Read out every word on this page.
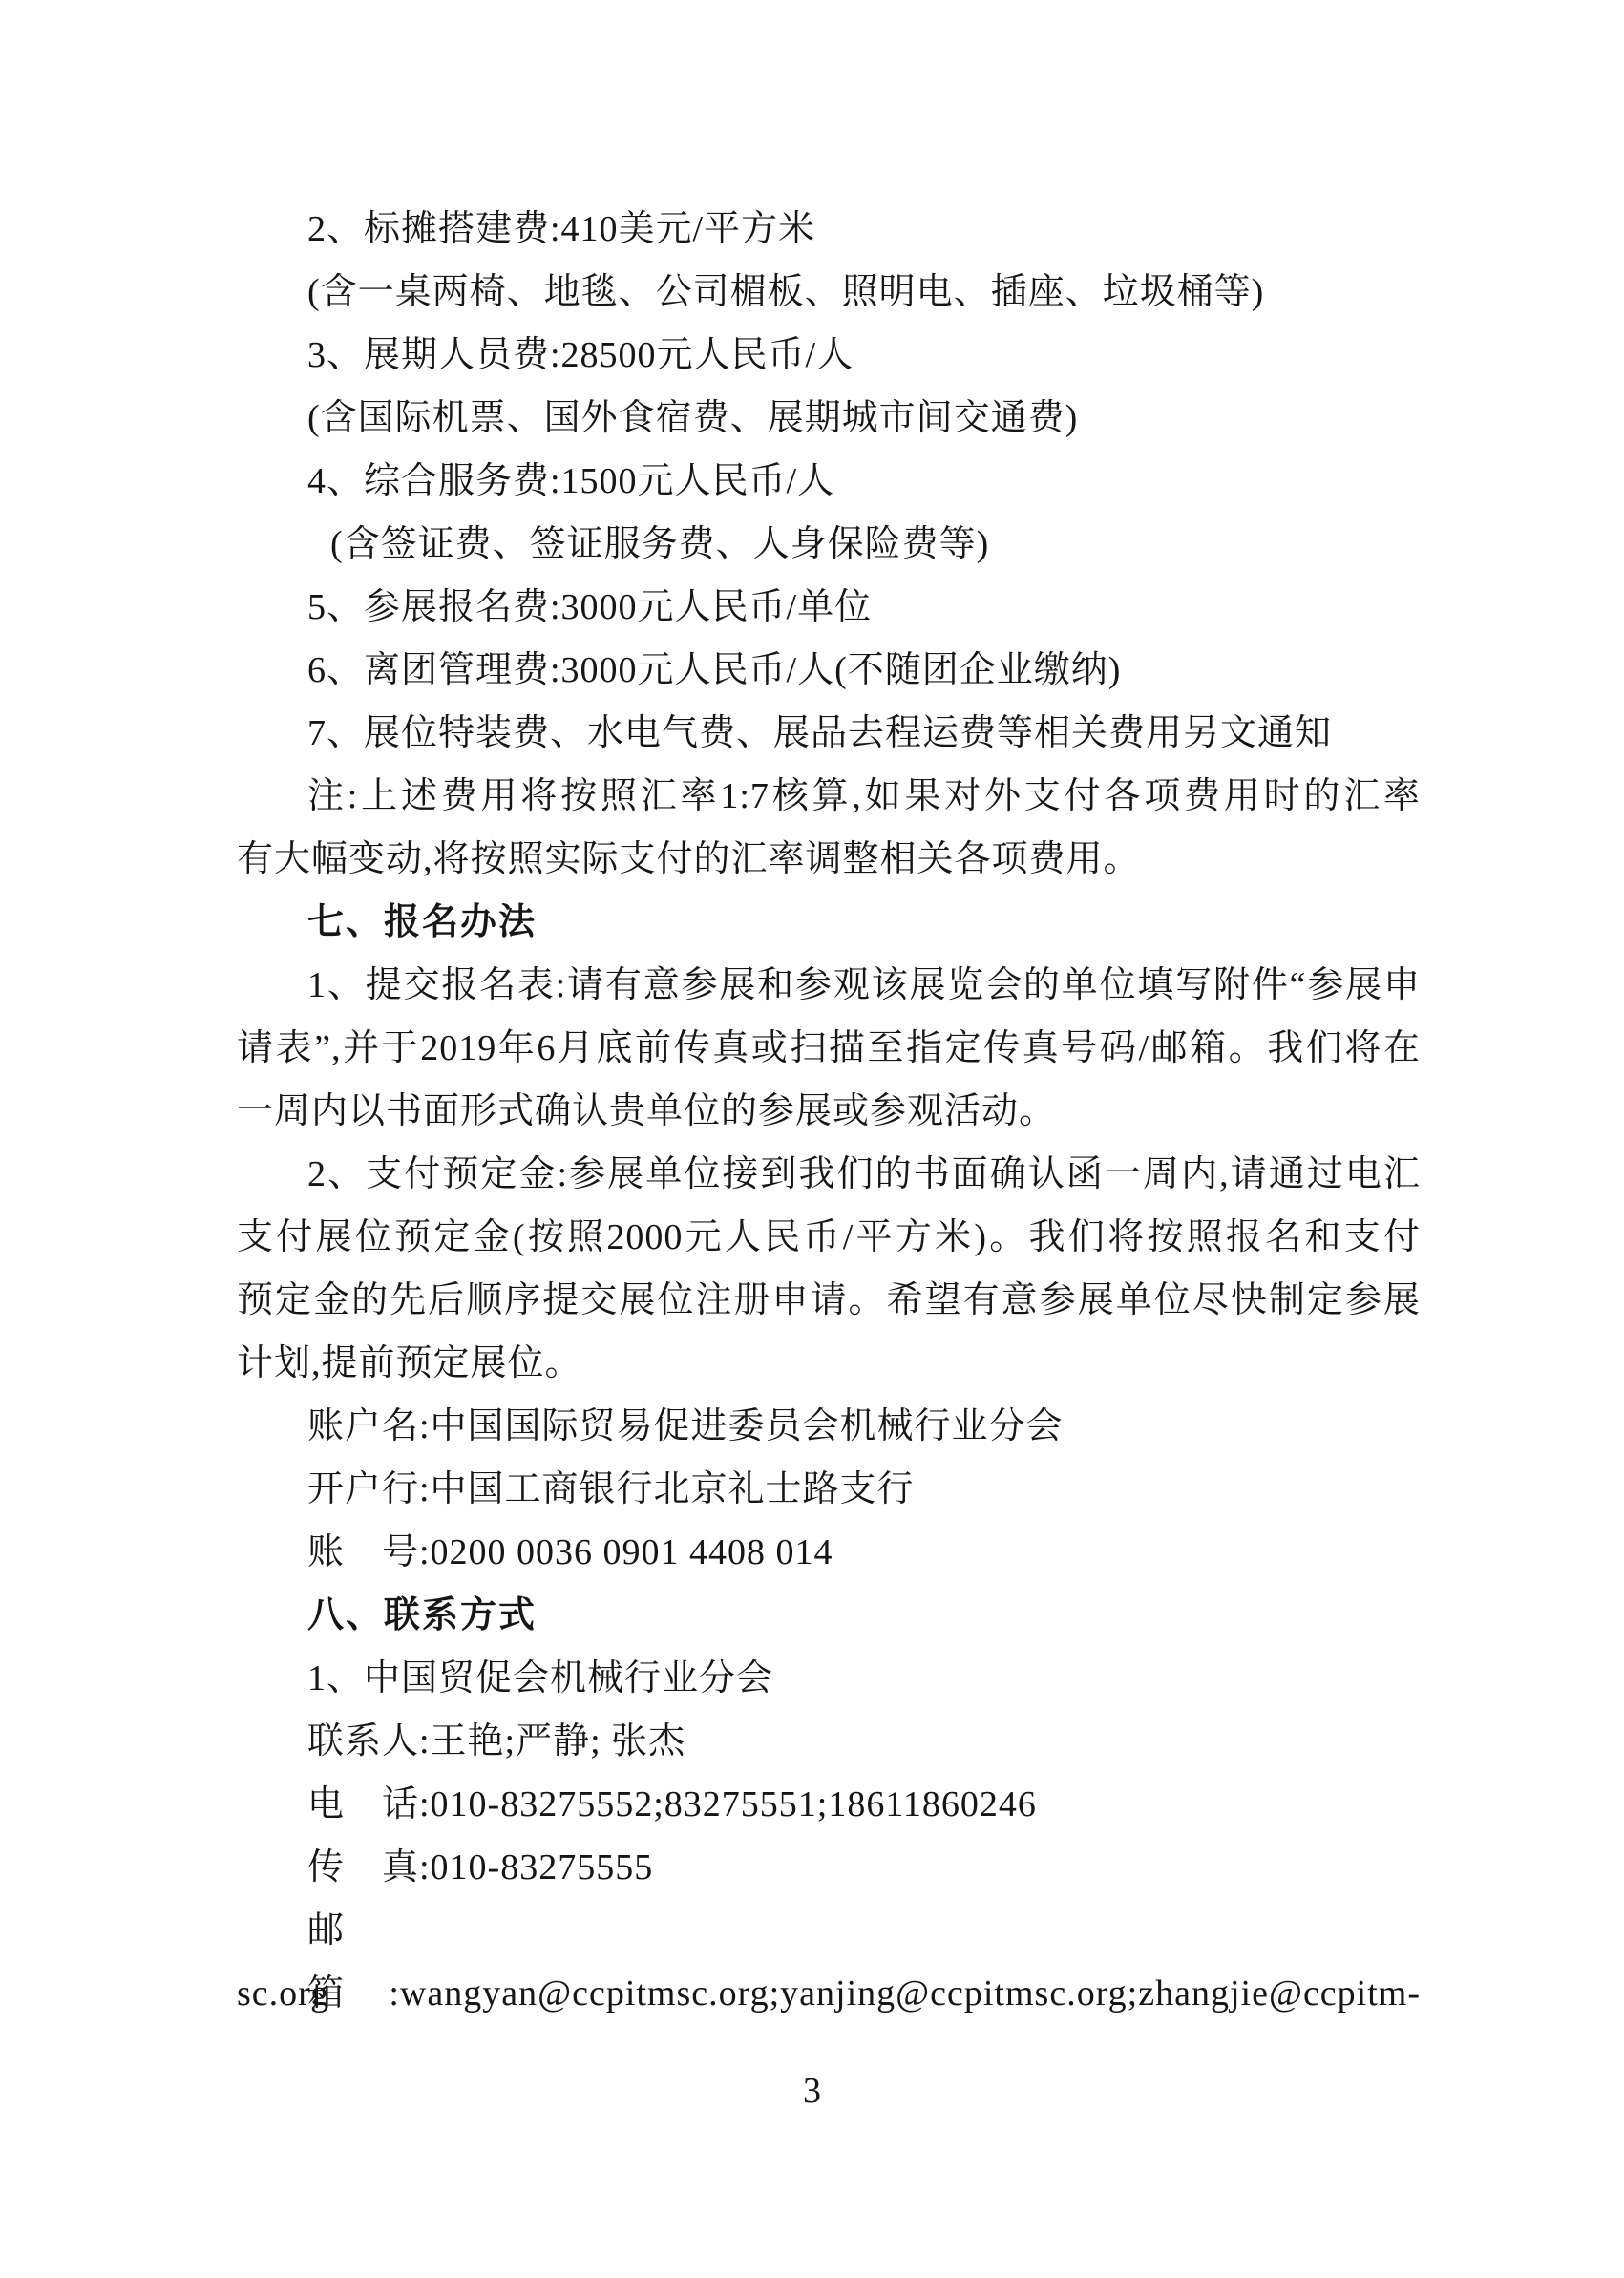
2、标摊搭建费:410美元/平方米
(含一桌两椅、地毯、公司楣板、照明电、插座、垃圾桶等)
3、展期人员费:28500元人民币/人
(含国际机票、国外食宿费、展期城市间交通费)
4、综合服务费:1500元人民币/人
(含签证费、签证服务费、人身保险费等)
5、参展报名费:3000元人民币/单位
6、离团管理费:3000元人民币/人(不随团企业缴纳)
7、展位特装费、水电气费、展品去程运费等相关费用另文通知
注:上述费用将按照汇率1:7核算,如果对外支付各项费用时的汇率
有大幅变动,将按照实际支付的汇率调整相关各项费用。
七、报名办法
1、提交报名表:请有意参展和参观该展览会的单位填写附件“参展申
请表”,并于2019年6月底前传真或扫描至指定传真号码/邮箱。我们将在
一周内以书面形式确认贵单位的参展或参观活动。
2、支付预定金:参展单位接到我们的书面确认函一周内,请通过电汇
支付展位预定金(按照2000元人民币/平方米)。我们将按照报名和支付
预定金的先后顺序提交展位注册申请。希望有意参展单位尽快制定参展
计划,提前预定展位。
账户名:中国国际贸易促进委员会机械行业分会
开户行:中国工商银行北京礼士路支行
账　号:0200 0036 0901 4408 014
八、联系方式
1、中国贸促会机械行业分会
联系人:王艳;严静; 张杰
电　话:010-83275552;83275551;18611860246
传　真:010-83275555
邮　箱:wangyan@ccpitmsc.org;yanjing@ccpitmsc.org;zhangjie@ccpitm-
sc.org
3
